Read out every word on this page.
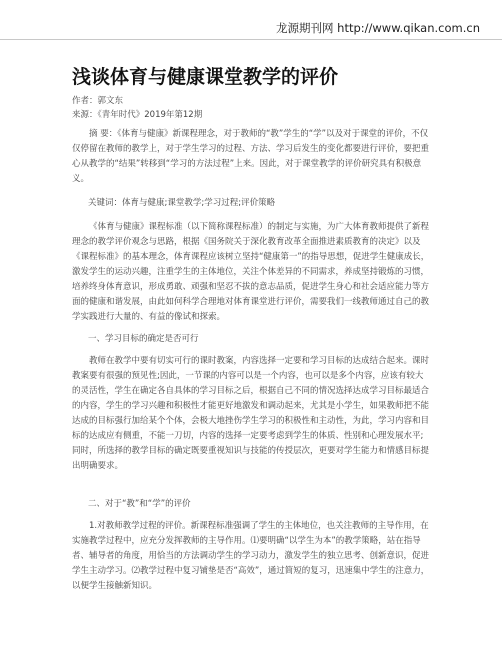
龙源期刊网 http://www.qikan.com.cn
浅谈体育与健康课堂教学的评价
作者：郭文东
来源：《青年时代》2019年第12期

摘 要：《体育与健康》新课程理念，对于教师的“教”学生的“学”以及对于课堂的评价，不仅仅停留在教师的教学上，对于学生学习的过程、方法、学习后发生的变化都要进行评价，要把重心从教学的“结果”转移到“学习的方法过程”上来。因此，对于课堂教学的评价研究具有积极意义。

关键词：体育与健康;课堂教学;学习过程;评价策略

《体育与健康》课程标准（以下简称课程标准）的制定与实施，为广大体育教师提供了新程理念的教学评价观念与思路，根据《国务院关于深化教育改革全面推进素质教育的决定》以及《课程标准》的基本理念，体育课程应该树立坚持“健康第一”的指导思想，促进学生健康成长，激发学生的运动兴趣，注重学生的主体地位，关注个体差异的不同需求，养成坚持锻炼的习惯，培养终身体育意识，形成勇敢、顽强和坚忍不拔的意志品质，促进学生身心和社会适应能力等方面的健康和谐发展，由此如何科学合理地对体育课堂进行评价，需要我们一线教师通过自己的教学实践进行大量的、有益的像试和探索。

一、学习目标的确定是否可行

教师在教学中要有切实可行的课时教案，内容选择一定要和学习目标的达成结合起来。课时教案要有很强的预见性;因此，一节课的内容可以是一个内容，也可以是多个内容，应该有较大的灵活性，学生在确定各自具体的学习目标之后，根据自己不同的情况选择达成学习目标最适合的内容，学生的学习兴趣和积极性才能更好地激发和调动起来，尤其是小学生，如果教师把不能达成的目标强行加给某个个体，会极大地挫伤学生学习的积极性和主动性，为此，学习内容和目标的达成应有侧重，不能一刀切，内容的选择一定要考虑到学生的体质、性别和心理发展水平;同时，所选择的教学目标的确定既要重视知识与技能的传授层次，更要对学生能力和情感目标提出明确要求。

二、对于“教”和“学”的评价

1.对教师教学过程的评价。新课程标准强调了学生的主体地位，也关注教师的主导作用，在实施教学过程中，应充分发挥教师的主导作用。⑴要明确“以学生为本”的教学策略，站在指导者、辅导者的角度，用恰当的方法调动学生的学习动力，激发学生的独立思考、创新意识，促进学生主动学习。⑵教学过程中复习铺垫是否“高效”，通过简短的复习，迅速集中学生的注意力，以便学生接触新知识。
